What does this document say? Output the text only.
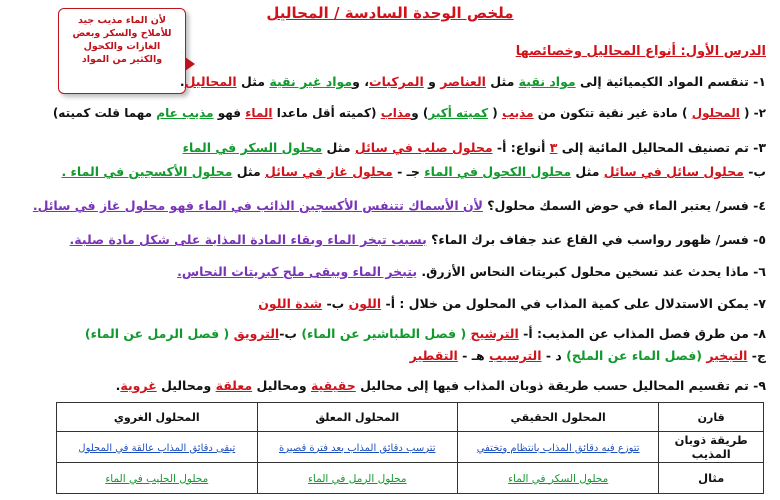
ملخص الوحدة السادسة / المحاليل
لأن الماء مذيب جيد
للأملاح والسكر وبعض
الغازات والكحول
والكثير من المواد
الدرس الأول: أنواع المحاليل وخصائصها
١- تنقسم المواد الكيميائية إلى مواد نقية مثل العناصر و المركبات، ومواد غير نقية مثل المحاليل.
٢- ( المحلول ) مادة غير نقية تتكون من مذيب ( كميته أكبر) ومذاب (كميته أقل ماعدا الماء فهو مذيب عام مهما قلت كميته)
٣- تم تصنيف المحاليل المائية إلى ٣ أنواع: أ- محلول صلب في سائل مثل محلول السكر في الماء
ب- محلول سائل في سائل مثل محلول الكحول في الماء جـ - محلول غاز في سائل مثل محلول الأكسجين في الماء .
٤- فسر/ يعتبر الماء في حوض السمك محلول؟ لأن الأسماك تتنفس الأكسجين الذائب في الماء فهو محلول غاز في سائل.
٥- فسر/ ظهور رواسب في القاع عند جفاف برك الماء؟ بسبب تبخر الماء وبقاء المادة المذابة على شكل مادة صلبة.
٦- ماذا يحدث عند تسخين محلول كبريتات النحاس الأزرق. يتبخر الماء ويبقى ملح كبريتات النحاس.
٧- يمكن الاستدلال على كمية المذاب في المحلول من خلال : أ- اللون ب- شدة اللون
٨- من طرق فصل المذاب عن المذيب: أ- الترشيح ( فصل الطباشير عن الماء) ب-الترويق ( فصل الرمل عن الماء)
ج- التبخير (فصل الماء عن الملح) د - الترسيب هـ - التقطير
٩- تم تقسيم المحاليل حسب طريقة ذوبان المذاب فيها إلى محاليل حقيقية ومحاليل معلقة ومحاليل غروية.
قارن	المحلول الحقيقي	المحلول المعلق	المحلول الغروي
طريقة ذوبان المذيب	تتوزع فيه دقائق المذاب بانتظام وتختفي	تترسب دقائق المذاب بعد فترة قصيرة	تبقى دقائق المذاب عالقة في المحلول
مثال	محلول السكر في الماء	محلول الرمل في الماء	محلول الحليب في الماء
